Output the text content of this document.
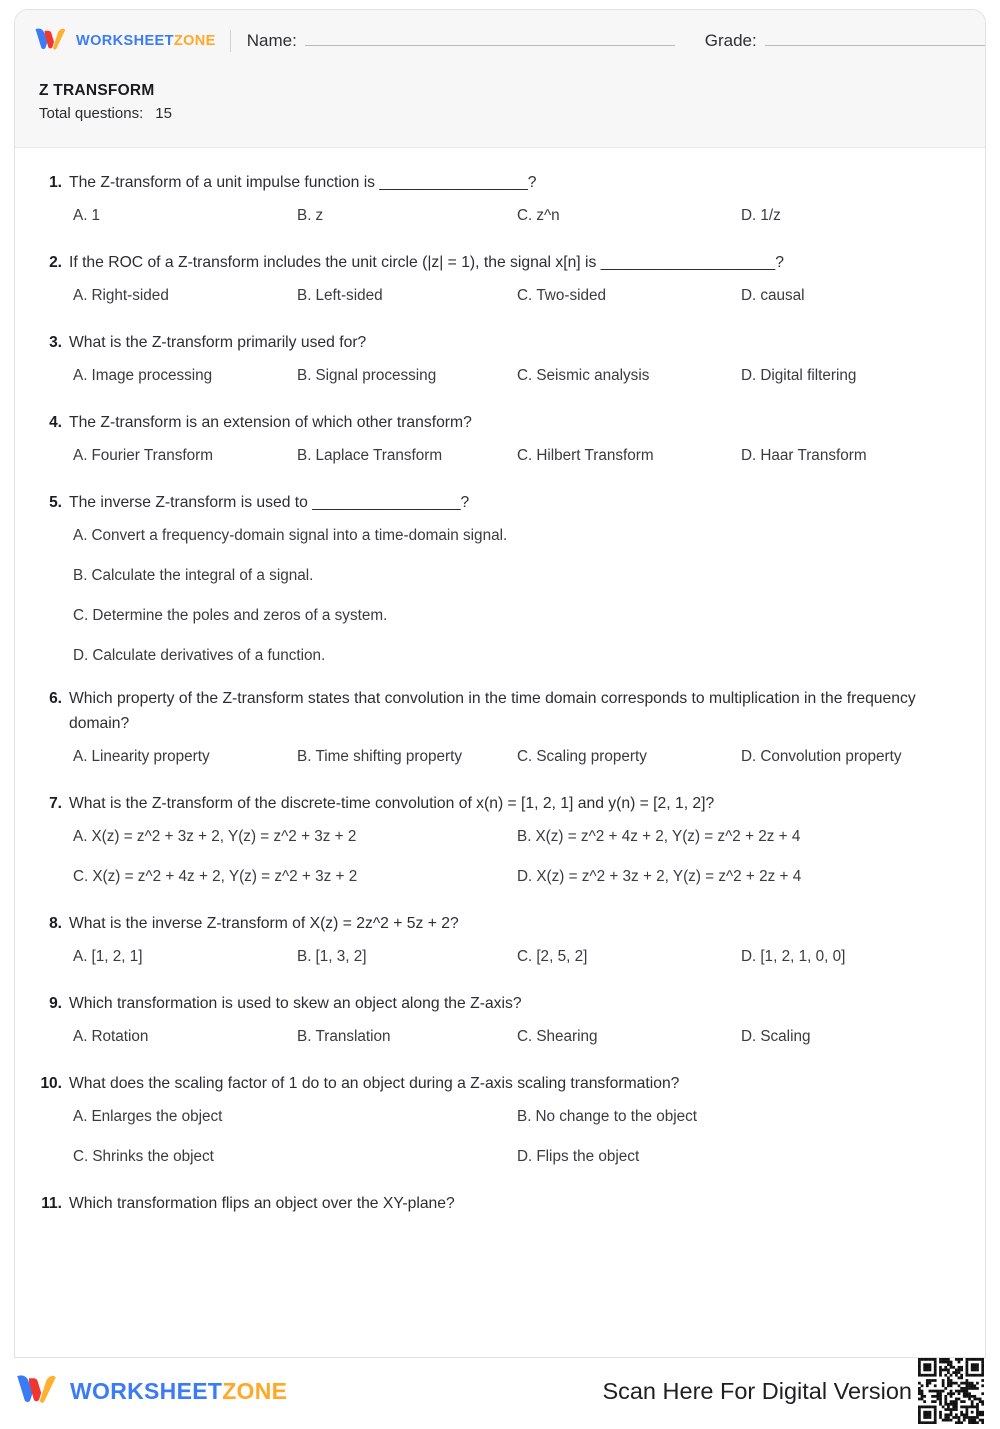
WORKSHEETZONE Name:	Grade:
Z TRANSFORM
Total questions: 15
1. The Z-transform of a unit impulse function is _________________?
A. 1	B. z	C. z^n	D. 1/z
2. If the ROC of a Z-transform includes the unit circle (|z| = 1), the signal x[n] is ____________________?
A. Right-sided	B. Left-sided	C. Two-sided	D. causal
3. What is the Z-transform primarily used for?
A. Image processing	B. Signal processing	C. Seismic analysis	D. Digital filtering
4. The Z-transform is an extension of which other transform?
A. Fourier Transform	B. Laplace Transform	C. Hilbert Transform	D. Haar Transform
5. The inverse Z-transform is used to _________________?
A. Convert a frequency-domain signal into a time-domain signal.
B. Calculate the integral of a signal.
C. Determine the poles and zeros of a system.
D. Calculate derivatives of a function.
6. Which property of the Z-transform states that convolution in the time domain corresponds to multiplication in the frequency domain?
A. Linearity property	B. Time shifting property	C. Scaling property	D. Convolution property
7. What is the Z-transform of the discrete-time convolution of x(n) = [1, 2, 1] and y(n) = [2, 1, 2]?
A. X(z) = z^2 + 3z + 2, Y(z) = z^2 + 3z + 2	B. X(z) = z^2 + 4z + 2, Y(z) = z^2 + 2z + 4
C. X(z) = z^2 + 4z + 2, Y(z) = z^2 + 3z + 2	D. X(z) = z^2 + 3z + 2, Y(z) = z^2 + 2z + 4
8. What is the inverse Z-transform of X(z) = 2z^2 + 5z + 2?
A. [1, 2, 1]	B. [1, 3, 2]	C. [2, 5, 2]	D. [1, 2, 1, 0, 0]
9. Which transformation is used to skew an object along the Z-axis?
A. Rotation	B. Translation	C. Shearing	D. Scaling
10. What does the scaling factor of 1 do to an object during a Z-axis scaling transformation?
A. Enlarges the object	B. No change to the object
C. Shrinks the object	D. Flips the object
11. Which transformation flips an object over the XY-plane?
WORKSHEETZONE	Scan Here For Digital Version
